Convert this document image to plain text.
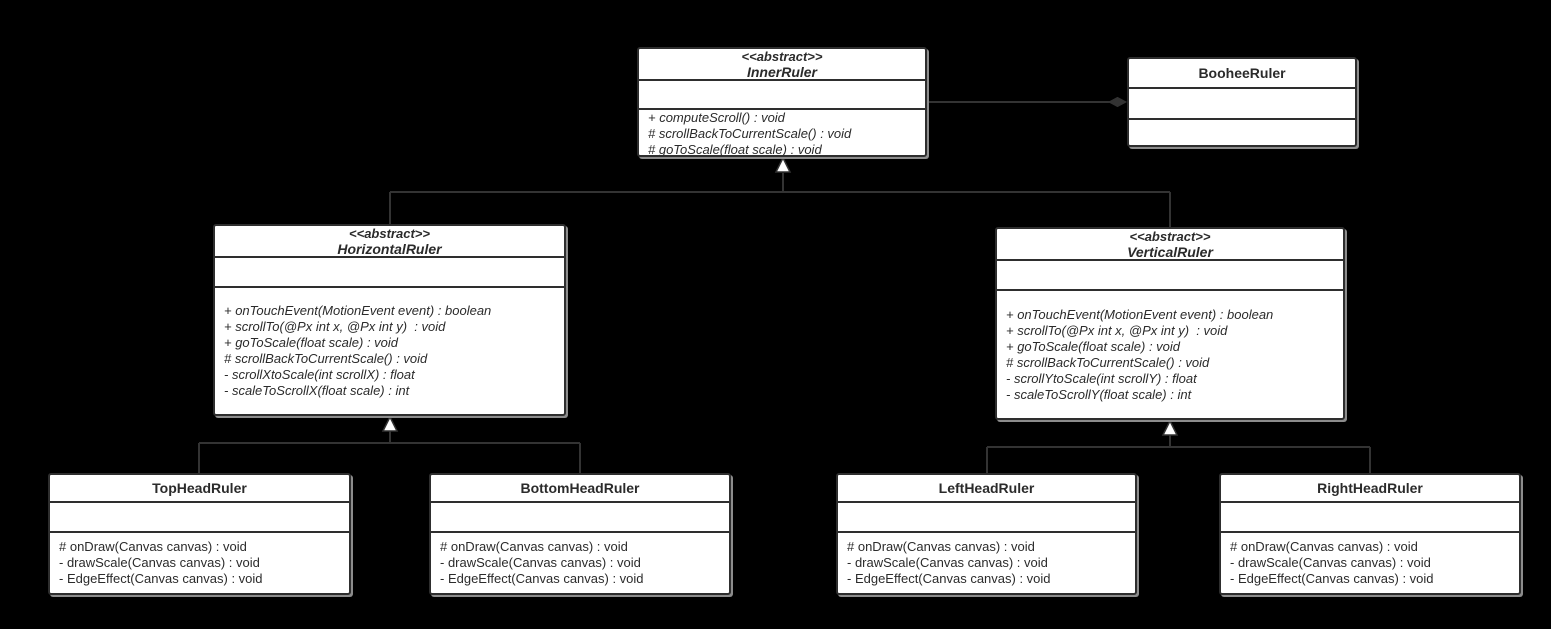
<<abstract>>
InnerRuler
+ computeScroll() : void
# scrollBackToCurrentScale() : void
# goToScale(float scale) : void
BooheeRuler
<<abstract>>
HorizontalRuler
+ onTouchEvent(MotionEvent event) : boolean
+ scrollTo(@Px int x, @Px int y)  : void
+ goToScale(float scale) : void
# scrollBackToCurrentScale() : void
- scrollXtoScale(int scrollX) : float
- scaleToScrollX(float scale) : int
<<abstract>>
VerticalRuler
+ onTouchEvent(MotionEvent event) : boolean
+ scrollTo(@Px int x, @Px int y)  : void
+ goToScale(float scale) : void
# scrollBackToCurrentScale() : void
- scrollYtoScale(int scrollY) : float
- scaleToScrollY(float scale) : int
TopHeadRuler
# onDraw(Canvas canvas) : void
- drawScale(Canvas canvas) : void
- EdgeEffect(Canvas canvas) : void
BottomHeadRuler
# onDraw(Canvas canvas) : void
- drawScale(Canvas canvas) : void
- EdgeEffect(Canvas canvas) : void
LeftHeadRuler
# onDraw(Canvas canvas) : void
- drawScale(Canvas canvas) : void
- EdgeEffect(Canvas canvas) : void
RightHeadRuler
# onDraw(Canvas canvas) : void
- drawScale(Canvas canvas) : void
- EdgeEffect(Canvas canvas) : void
